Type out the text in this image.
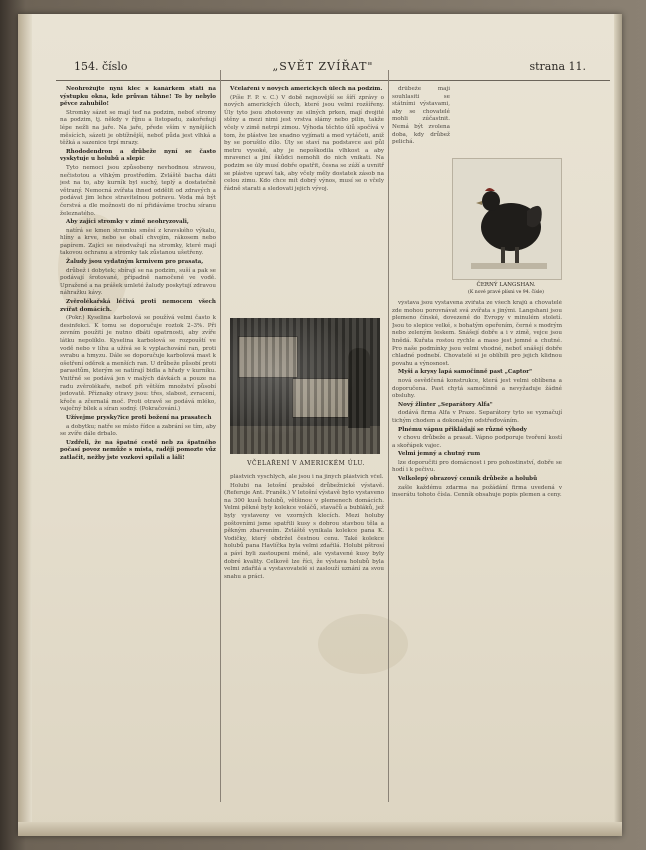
154. číslo	„SVĚT ZVÍŘAT"	strana 11.

Neohrožujte nyní klec s kanárkem státi na výstupku okna, kde průvan táhne! To by nebylo pěvce zahubilo!

Stromky sázet se mají teď na podzim, neboť stromy na podzim, tj. někdy v říjnu a listopadu, zakořeňují lépe nežli na jaře. Na jaře, přede vším v nynějších měsících, sázeti je obtížnější, neboť půda jest vlhká a těžká a sazenice trpí mrazy.

Rhododendron a drůbeže nyní se často vyskytuje u holubů a slepic

Tyto nemoci jsou způsobeny nevhodnou stravou, nečistotou a vlhkým prostředím. Zvláště bacha dáti jest na to, aby kurník byl suchý, teplý a dostatečně větraný. Nemocná zvířata ihned oddělit od zdravých a podávat jim lehce stravitelnou potravu. Voda má být čerstvá a dle možnosti do ní přidáváme trochu síranu železnatého.

Aby zajíci stromky v zimě neohryzovali,

natírá se kmen stromku směsí z kravského výkalu, hlíny a krve, nebo se obalí chvojím, rákosem nebo papírem. Zajíci se neodvažují na stromky, které mají takovou ochranu a stromky tak zůstanou ušetřeny.

Žaludy jsou vydatným krmivem pro prasata,

drůbež i dobytek; sbírají se na podzim, suší a pak se podávají šrotované, případně namočené ve vodě. Upražené a na prášek umleté žaludy poskytují zdravou náhražku kávy.

Zvěrolékařská léčivá proti nemocem všech zvířat domácích.

(Pokr.) Kyselina karbolová se používá velmi často k desinfekci. K tomu se doporučuje roztok 2–3%. Při zevním použití je nutno dbáti opatrnosti, aby zvíře látku nepolíklo. Kyselina karbolová se rozpouští ve vodě nebo v líhu a užívá se k vyplachování ran, proti svrabu a hmyzu. Dále se doporučuje karbolová mast k ošetření oděrek a menších ran. U drůbeže působí proti parasitům, kterým se natírají bidla a hřady v kurníku. Vnitřně se podává jen v malých dávkách a pouze na radu zvěrolékaře, neboť při větším množství působí jedovatě. Příznaky otravy jsou: třes, slabost, zvracení, křeče a zčernalá moč. Proti otravě se podává mléko, vaječný bílek a síran sodný. (Pokračování.)

Užívejme prysky?ice proti božení na prasatech

a dobytku; natře se místo řídce a zabrání se tím, aby se zvíře dále drbalo.

Uzdřeli, že na špatné cestě neb za špatného počasí povoz nemůže s místa, raději pomozte vůz zatlačit, nežby jste vozkovi spílali a láli!

Včelaření v nových amerických úlech na podzim.

(Píše F. P. v. C.) V době nejnovější se šíří zprávy o nových amerických úlech, které jsou velmi rozšířeny. Úly tyto jsou zhotoveny ze silných prken, mají dvojité stěny a mezi nimi jest vrstva slámy nebo pilin, takže včely v zimě netrpí zimou. Výhoda těchto úlů spočívá v tom, že plástve lze snadno vyjímati a med vytáčeti, aniž by se porušilo dílo. Úly se staví na podstavce asi půl metru vysoké, aby je nepoškodila vlhkost a aby mravenci a jiní škůdci nemohli do nich vnikati. Na podzim se úly musí dobře opatřit, česna se zúží a uvnitř se plástve upraví tak, aby včely měly dostatek zásob na celou zimu. Kdo chce mít dobrý výnos, musí se o včely řádně starati a sledovati jejich vývoj.

VČELAŘENÍ V AMERICKÉM ÚLU.

plástvích vyschlých, ale jsou i na jiných plástvích včel.

Holubi na letošní pražské drůbežnické výstavě. (Referuje Ant. Franěk.) V letošní výstavě bylo vystaveno na 300 kusů holubů, většinou v plemenech domácích. Velmi pěkné byly kolekce voláčů, stavačů a bubláků, jež byly vystaveny ve vzorných klecích. Mezi holuby poštovními jsme spatřili kusy s dobrou stavbou těla a pěkným zbarvením. Zvláště vynikala kolekce pana K. Vodičky, který obdržel čestnou cenu. Také kolekce holubů pana Havlíčka byla velmi zdařilá. Holubi pštrosí a páví byli zastoupeni méně, ale vystavené kusy byly dobré kvality. Celkově lze říci, že výstava holubů byla velmi zdařilá a vystavovatelé si zaslouží uznání za svou snahu a práci.

drůbeže mají souhlasiti se státními výstavami, aby se chovatelé mohli zúčastnit. Nemá být zvolena doba, kdy drůbež pelichá.

ČERNÝ LANGSHAN.
(K nové pravé plísni ve 94. čísle)

výstava jsou vystavena zvířata ze všech krajů a chovatelé zde mohou porovnávat svá zvířata s jinými. Langshani jsou plemeno čínské, dovezené do Evropy v minulém století. Jsou to slepice velké, s bohatým opeřením, černé s modrým nebo zeleným leskem. Snášejí dobře a i v zimě, vejce jsou hnědá. Kuřata rostou rychle a maso jest jemné a chutné. Pro naše podmínky jsou velmi vhodné, neboť snášejí dobře chladné podnebí. Chovatelé si je oblíbili pro jejich klidnou povahu a výnosnost.

Myši a krysy lapá samočinně past „Captor"

nová osvědčená konstrukce, která jest velmi oblíbena a doporučena. Past chytá samočinně a nevyžaduje žádné obsluhy.

Nový žlinter „Separátory Alfa"

dodává firma Alfa v Praze. Separátory tyto se vyznačují tichým chodem a dokonalým odstřeďováním.

Plnému vápnu přikládají se různé výhody

v chovu drůbeže a prasat. Vápno podporuje tvoření kostí a skořápek vajec.

Velmi jemný a chutný rum

lze doporučiti pro domácnost i pro pohostinství, dobře se hodí i k pečivu.

Velkolepý obrazový cenník drůbeže a holubů

zašle každému zdarma na požádání firma uvedená v inserátu tohoto čísla. Cenník obsahuje popis plemen a ceny.
